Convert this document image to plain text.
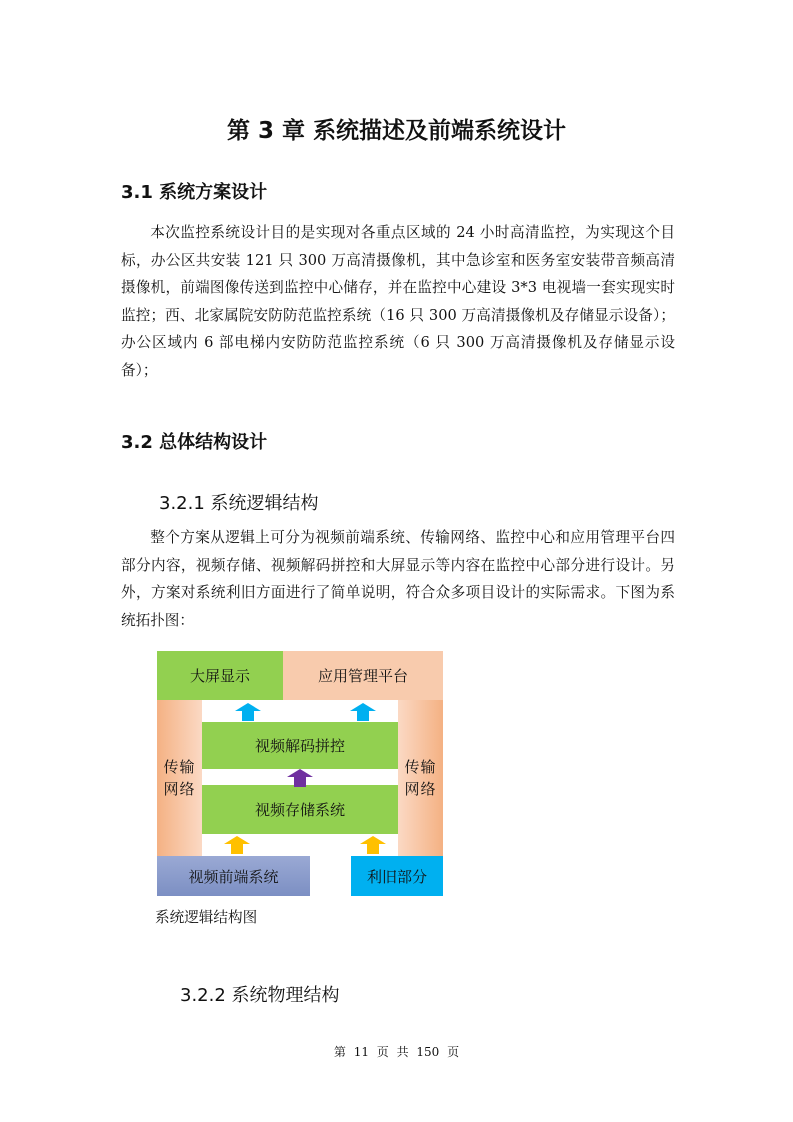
第 3 章 系统描述及前端系统设计
3.1 系统方案设计
本次监控系统设计目的是实现对各重点区域的 24 小时高清监控，为实现这个目标，办公区共安装 121 只 300 万高清摄像机，其中急诊室和医务室安装带音频高清摄像机，前端图像传送到监控中心储存，并在监控中心建设 3*3 电视墙一套实现实时监控；西、北家属院安防防范监控系统（16 只 300 万高清摄像机及存储显示设备）；办公区域内 6 部电梯内安防防范监控系统（6 只 300 万高清摄像机及存储显示设备）；
3.2 总体结构设计
3.2.1 系统逻辑结构
整个方案从逻辑上可分为视频前端系统、传输网络、监控中心和应用管理平台四部分内容，视频存储、视频解码拼控和大屏显示等内容在监控中心部分进行设计。另外，方案对系统利旧方面进行了简单说明，符合众多项目设计的实际需求。下图为系统拓扑图：
大屏显示	应用管理平台
传输网络
传输网络
视频解码拼控
视频存储系统
视频前端系统	利旧部分
系统逻辑结构图
3.2.2 系统物理结构
第 11 页 共 150 页
